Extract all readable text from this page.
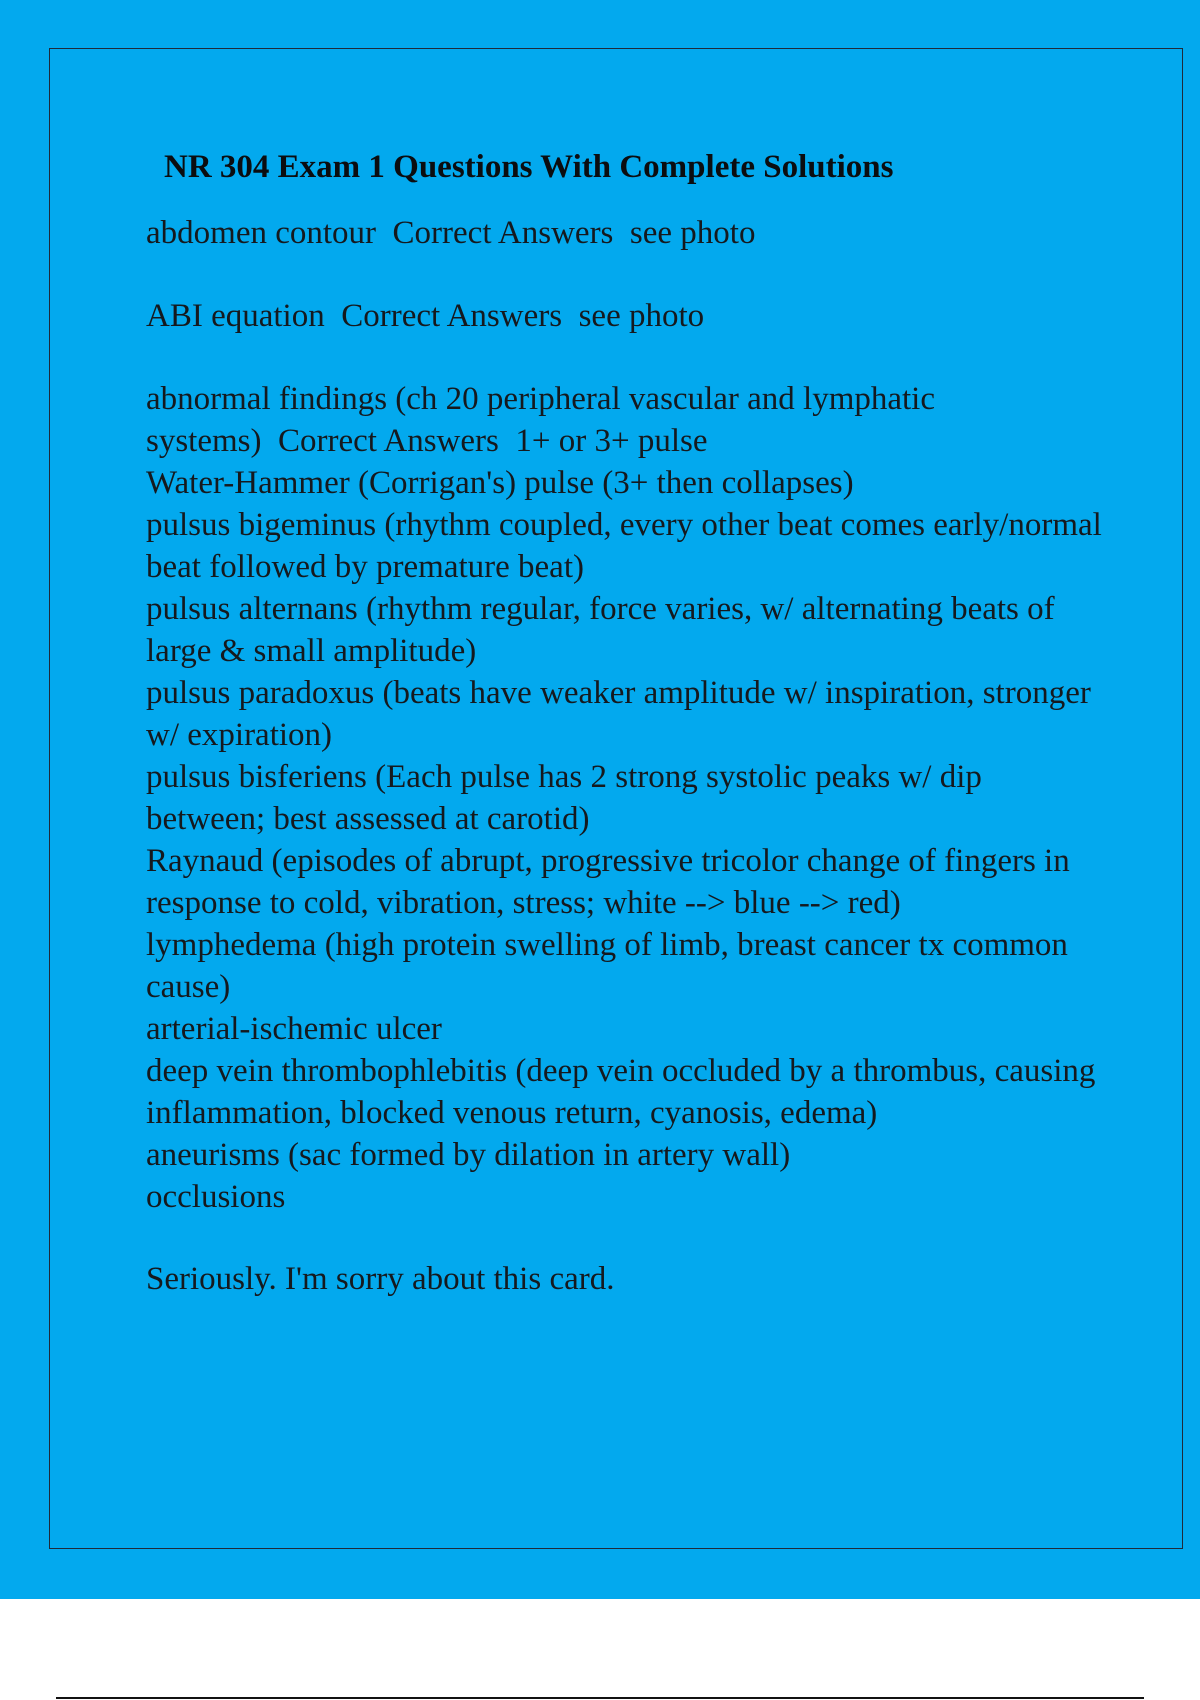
NR 304 Exam 1 Questions With Complete Solutions

abdomen contour Correct Answers see photo

ABI equation Correct Answers see photo

abnormal findings (ch 20 peripheral vascular and lymphatic systems) Correct Answers 1+ or 3+ pulse
Water-Hammer (Corrigan's) pulse (3+ then collapses)
pulsus bigeminus (rhythm coupled, every other beat comes early/normal beat followed by premature beat)
pulsus alternans (rhythm regular, force varies, w/ alternating beats of large & small amplitude)
pulsus paradoxus (beats have weaker amplitude w/ inspiration, stronger w/ expiration)
pulsus bisferiens (Each pulse has 2 strong systolic peaks w/ dip between; best assessed at carotid)
Raynaud (episodes of abrupt, progressive tricolor change of fingers in response to cold, vibration, stress; white --> blue --> red)
lymphedema (high protein swelling of limb, breast cancer tx common cause)
arterial-ischemic ulcer
deep vein thrombophlebitis (deep vein occluded by a thrombus, causing inflammation, blocked venous return, cyanosis, edema)
aneurisms (sac formed by dilation in artery wall)
occlusions

Seriously. I'm sorry about this card.
